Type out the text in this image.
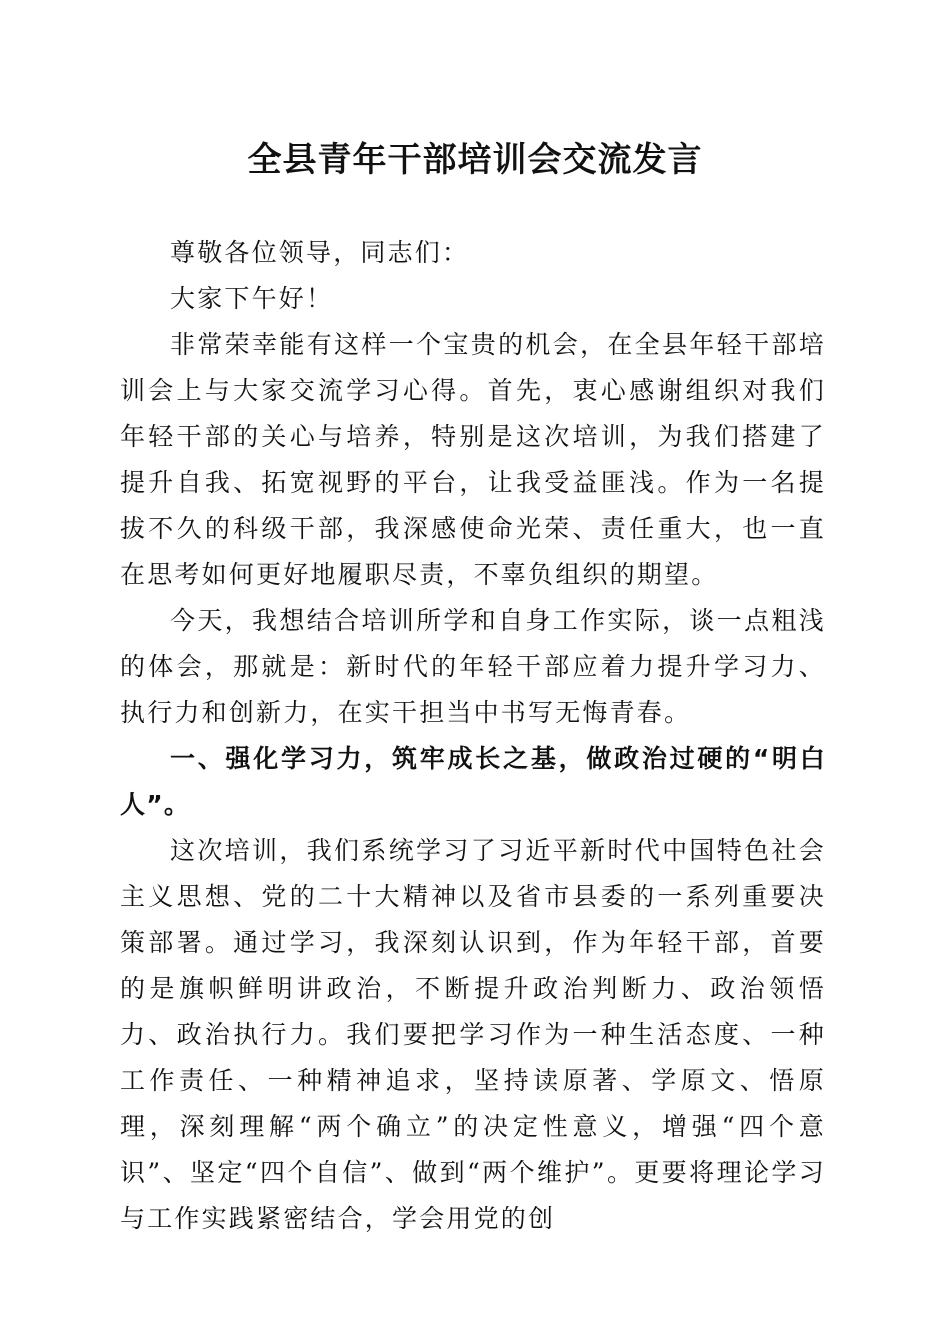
全县青年干部培训会交流发言

尊敬各位领导，同志们：

大家下午好！

非常荣幸能有这样一个宝贵的机会，在全县年轻干部培训会上与大家交流学习心得。首先，衷心感谢组织对我们年轻干部的关心与培养，特别是这次培训，为我们搭建了提升自我、拓宽视野的平台，让我受益匪浅。作为一名提拔不久的科级干部，我深感使命光荣、责任重大，也一直在思考如何更好地履职尽责，不辜负组织的期望。

今天，我想结合培训所学和自身工作实际，谈一点粗浅的体会，那就是：新时代的年轻干部应着力提升学习力、执行力和创新力，在实干担当中书写无悔青春。

一、强化学习力，筑牢成长之基，做政治过硬的“明白人”。

这次培训，我们系统学习了习近平新时代中国特色社会主义思想、党的二十大精神以及省市县委的一系列重要决策部署。通过学习，我深刻认识到，作为年轻干部，首要的是旗帜鲜明讲政治，不断提升政治判断力、政治领悟力、政治执行力。我们要把学习作为一种生活态度、一种工作责任、一种精神追求，坚持读原著、学原文、悟原理，深刻理解“两个确立”的决定性意义，增强“四个意识”、坚定“四个自信”、做到“两个维护”。更要将理论学习与工作实践紧密结合，学会用党的创
